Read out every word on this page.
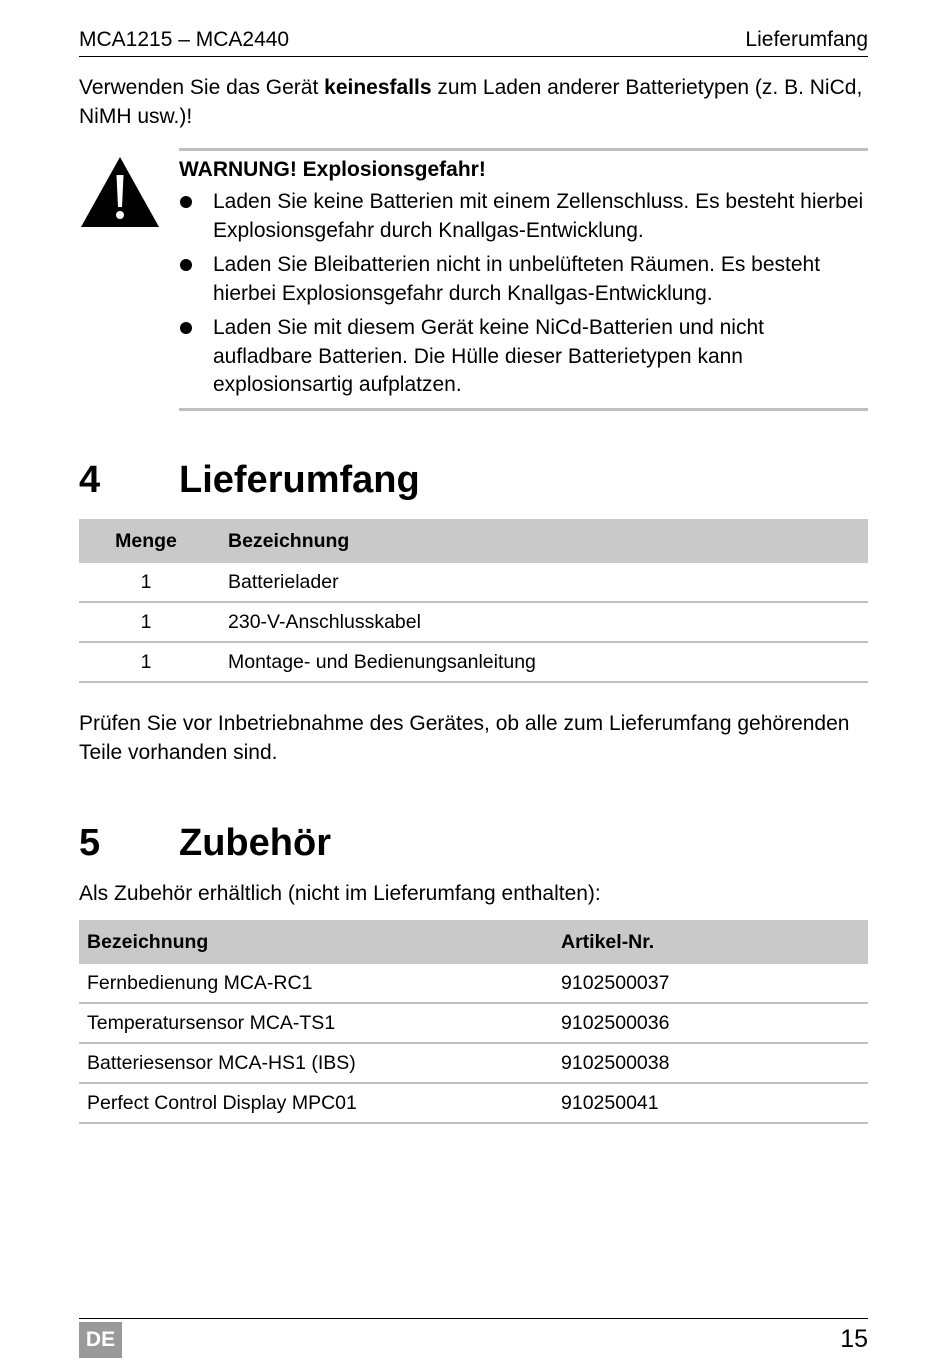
MCA1215 – MCA2440	Lieferumfang

Verwenden Sie das Gerät keinesfalls zum Laden anderer Batterietypen (z. B. NiCd, NiMH usw.)!

WARNUNG! Explosionsgefahr!
Laden Sie keine Batterien mit einem Zellenschluss. Es besteht hierbei Explosionsgefahr durch Knallgas-Entwicklung.
Laden Sie Bleibatterien nicht in unbelüfteten Räumen. Es besteht hierbei Explosionsgefahr durch Knallgas-Entwicklung.
Laden Sie mit diesem Gerät keine NiCd-Batterien und nicht aufladbare Batterien. Die Hülle dieser Batterietypen kann explosionsartig aufplatzen.
4 Lieferumfang
Menge	Bezeichnung
1	Batterielader
1	230-V-Anschlusskabel
1	Montage- und Bedienungsanleitung

Prüfen Sie vor Inbetriebnahme des Gerätes, ob alle zum Lieferumfang gehörenden Teile vorhanden sind.

5 Zubehör

Als Zubehör erhältlich (nicht im Lieferumfang enthalten):

Bezeichnung	Artikel-Nr.
Fernbedienung MCA-RC1	9102500037
Temperatursensor MCA-TS1	9102500036
Batteriesensor MCA-HS1 (IBS)	9102500038
Perfect Control Display MPC01	910250041
DE	15
